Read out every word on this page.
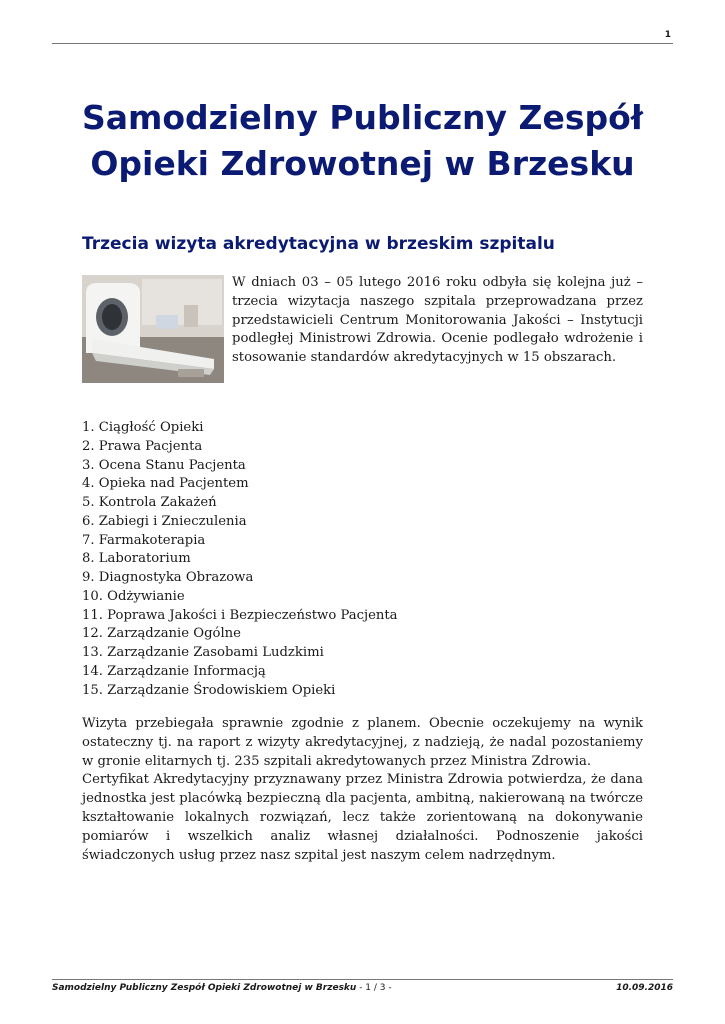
1
Samodzielny Publiczny Zespół Opieki Zdrowotnej w Brzesku
Trzecia wizyta akredytacyjna w brzeskim szpitalu

W dniach 03 – 05 lutego 2016 roku odbyła się kolejna już – trzecia wizytacja naszego szpitala przeprowadzana przez przedstawicieli Centrum Monitorowania Jakości – Instytucji podległej Ministrowi Zdrowia. Ocenie podlegało wdrożenie i stosowanie standardów akredytacyjnych w 15 obszarach.

1. Ciągłość Opieki
2. Prawa Pacjenta
3. Ocena Stanu Pacjenta
4. Opieka nad Pacjentem
5. Kontrola Zakażeń
6. Zabiegi i Znieczulenia
7. Farmakoterapia
8. Laboratorium
9. Diagnostyka Obrazowa
10. Odżywianie
11. Poprawa Jakości i Bezpieczeństwo Pacjenta
12. Zarządzanie Ogólne
13. Zarządzanie Zasobami Ludzkimi
14. Zarządzanie Informacją
15. Zarządzanie Środowiskiem Opieki

Wizyta przebiegała sprawnie zgodnie z planem. Obecnie oczekujemy na wynik ostateczny tj. na raport z wizyty akredytacyjnej, z nadzieją, że nadal pozostaniemy w gronie elitarnych tj. 235 szpitali akredytowanych przez Ministra Zdrowia.

Certyfikat Akredytacyjny przyznawany przez Ministra Zdrowia potwierdza, że dana jednostka jest placówką bezpieczną dla pacjenta, ambitną, nakierowaną na twórcze kształtowanie lokalnych rozwiązań, lecz także zorientowaną na dokonywanie pomiarów i wszelkich analiz własnej działalności. Podnoszenie jakości świadczonych usług przez nasz szpital jest naszym celem nadrzędnym.

Samodzielny Publiczny Zespół Opieki Zdrowotnej w Brzesku - 1 / 3 -	10.09.2016
